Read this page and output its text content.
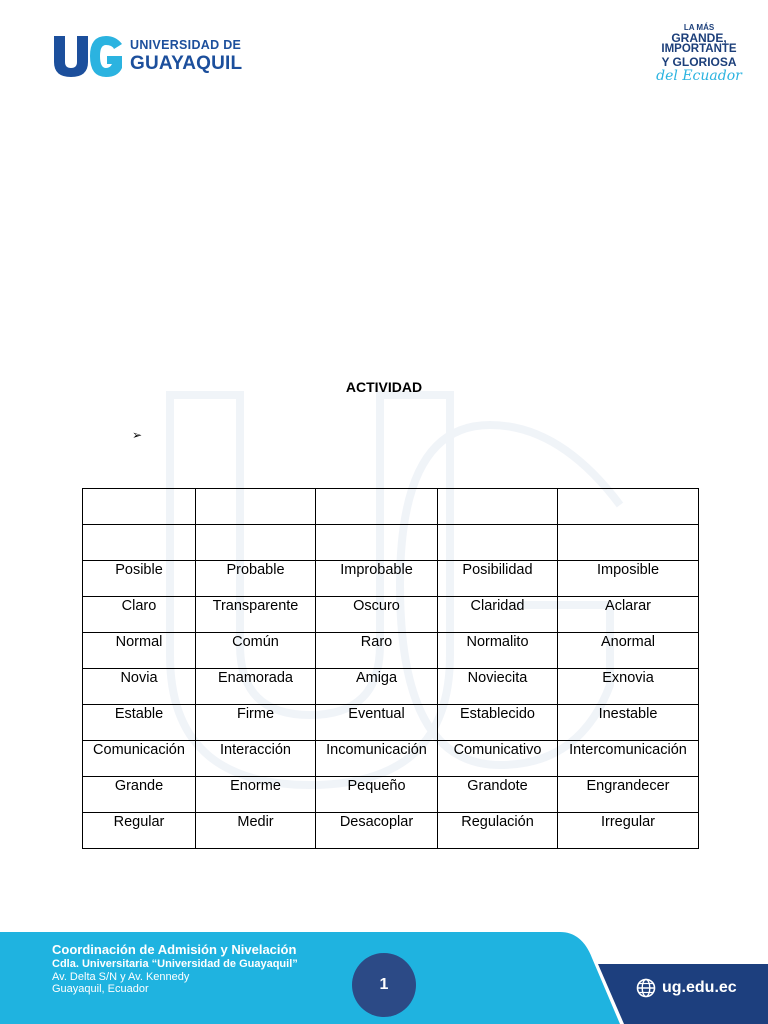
UNIVERSIDAD DE
GUAYAQUIL
LA MÁS
GRANDE,
IMPORTANTE
Y GLORIOSA
del Ecuador
ACTIVIDAD
➢

Posible	Probable	Improbable	Posibilidad	Imposible
Claro	Transparente	Oscuro	Claridad	Aclarar
Normal	Común	Raro	Normalito	Anormal
Novia	Enamorada	Amiga	Noviecita	Exnovia
Estable	Firme	Eventual	Establecido	Inestable
Comunicación	Interacción	Incomunicación	Comunicativo	Intercomunicación
Grande	Enorme	Pequeño	Grandote	Engrandecer
Regular	Medir	Desacoplar	Regulación	Irregular
Coordinación de Admisión y Nivelación
Cdla. Universitaria “Universidad de Guayaquil”
Av. Delta S/N y Av. Kennedy
Guayaquil, Ecuador	1	ug.edu.ec
